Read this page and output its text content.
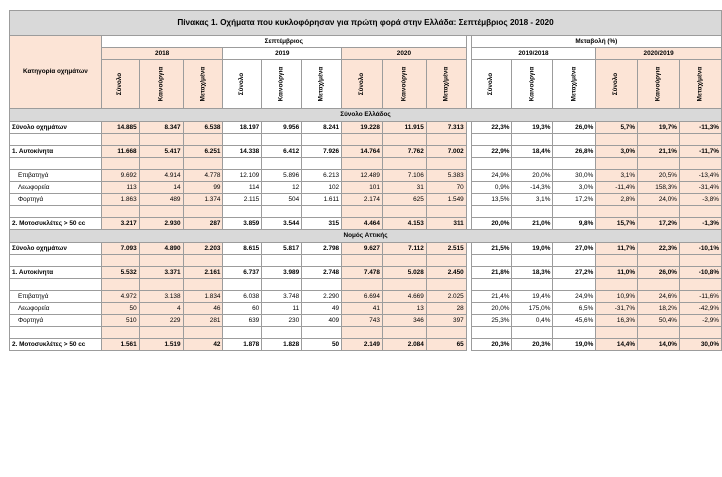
Πίνακας 1. Οχήματα που κυκλοφόρησαν για πρώτη φορά στην Ελλάδα: Σεπτέμβριος 2018 - 2020																
Κατηγορία οχημάτων	Σεπτέμβριος										Μεταβολή (%)					
	2018			2019			2020				2019/2018			2020/2019		
	Σύνολο	Καινούργια	Μεταχ/μένα	Σύνολο	Καινούργια	Μεταχ/μένα	Σύνολο	Καινούργια	Μεταχ/μένα		Σύνολο	Καινούργια	Μεταχ/μένα	Σύνολο	Καινούργια	Μεταχ/μένα
Σύνολο Ελλάδος																
Σύνολο οχημάτων	14.885	8.347	6.538	18.197	9.956	8.241	19.228	11.915	7.313		22,3%	19,3%	26,0%	5,7%	19,7%	-11,3%

1. Αυτοκίνητα	11.668	5.417	6.251	14.338	6.412	7.926	14.764	7.762	7.002		22,9%	18,4%	26,8%	3,0%	21,1%	-11,7%

Επιβατηγά	9.692	4.914	4.778	12.109	5.896	6.213	12.489	7.106	5.383		24,9%	20,0%	30,0%	3,1%	20,5%	-13,4%
Λεωφορεία	113	14	99	114	12	102	101	31	70		0,9%	-14,3%	3,0%	-11,4%	158,3%	-31,4%
Φορτηγά	1.863	489	1.374	2.115	504	1.611	2.174	625	1.549		13,5%	3,1%	17,2%	2,8%	24,0%	-3,8%

2. Μοτοσυκλέτες > 50 cc	3.217	2.930	287	3.859	3.544	315	4.464	4.153	311		20,0%	21,0%	9,8%	15,7%	17,2%	-1,3%
Νομός Αττικής																
Σύνολο οχημάτων	7.093	4.890	2.203	8.615	5.817	2.798	9.627	7.112	2.515		21,5%	19,0%	27,0%	11,7%	22,3%	-10,1%

1. Αυτοκίνητα	5.532	3.371	2.161	6.737	3.989	2.748	7.478	5.028	2.450		21,8%	18,3%	27,2%	11,0%	26,0%	-10,8%

Επιβατηγά	4.972	3.138	1.834	6.038	3.748	2.290	6.694	4.669	2.025		21,4%	19,4%	24,9%	10,9%	24,6%	-11,6%
Λεωφορεία	50	4	46	60	11	49	41	13	28		20,0%	175,0%	6,5%	-31,7%	18,2%	-42,9%
Φορτηγά	510	229	281	639	230	409	743	346	397		25,3%	0,4%	45,6%	16,3%	50,4%	-2,9%

2. Μοτοσυκλέτες > 50 cc	1.561	1.519	42	1.878	1.828	50	2.149	2.084	65		20,3%	20,3%	19,0%	14,4%	14,0%	30,0%
